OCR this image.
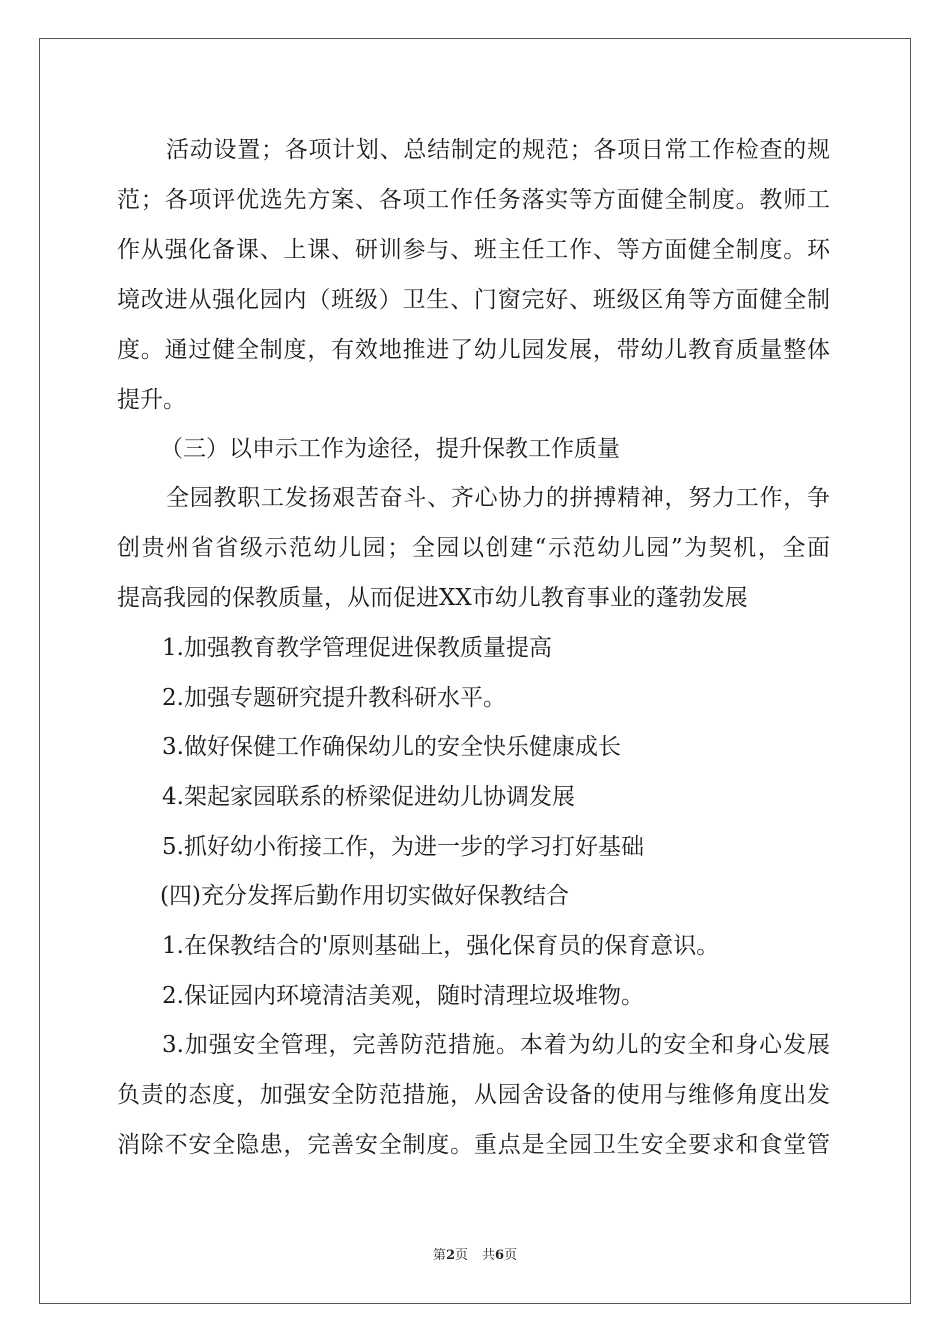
活动设置；各项计划、总结制定的规范；各项日常工作检查的规

范；各项评优选先方案、各项工作任务落实等方面健全制度。教师工

作从强化备课、上课、研训参与、班主任工作、等方面健全制度。环

境改进从强化园内（班级）卫生、门窗完好、班级区角等方面健全制

度。通过健全制度，有效地推进了幼儿园发展，带幼儿教育质量整体

提升。

（三）以申示工作为途径，提升保教工作质量

全园教职工发扬艰苦奋斗、齐心协力的拼搏精神，努力工作，争

创贵州省省级示范幼儿园；全园以创建“示范幼儿园”为契机，全面

提高我园的保教质量，从而促进XX市幼儿教育事业的蓬勃发展

1.加强教育教学管理促进保教质量提高

2.加强专题研究提升教科研水平。

3.做好保健工作确保幼儿的安全快乐健康成长

4.架起家园联系的桥梁促进幼儿协调发展

5.抓好幼小衔接工作，为进一步的学习打好基础

(四)充分发挥后勤作用切实做好保教结合

1.在保教结合的'原则基础上，强化保育员的保育意识。

2.保证园内环境清洁美观，随时清理垃圾堆物。

3.加强安全管理，完善防范措施。本着为幼儿的安全和身心发展

负责的态度，加强安全防范措施，从园舍设备的使用与维修角度出发

消除不安全隐患，完善安全制度。重点是全园卫生安全要求和食堂管

第2页 共6页
